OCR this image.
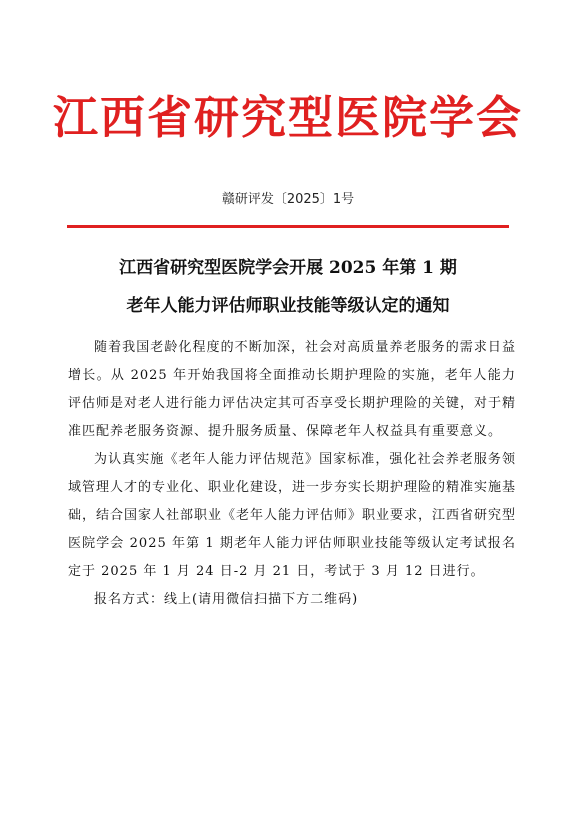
江西省研究型医院学会
赣研评发〔2025〕1号
江西省研究型医院学会开展 2025 年第 1 期
老年人能力评估师职业技能等级认定的通知

随着我国老龄化程度的不断加深，社会对高质量养老服务的需求日益增长。从 2025 年开始我国将全面推动长期护理险的实施，老年人能力评估师是对老人进行能力评估决定其可否享受长期护理险的关键，对于精准匹配养老服务资源、提升服务质量、保障老年人权益具有重要意义。

为认真实施《老年人能力评估规范》国家标准，强化社会养老服务领域管理人才的专业化、职业化建设，进一步夯实长期护理险的精准实施基础，结合国家人社部职业《老年人能力评估师》职业要求，江西省研究型医院学会 2025 年第 1 期老年人能力评估师职业技能等级认定考试报名定于 2025 年 1 月 24 日-2 月 21 日，考试于 3 月 12 日进行。

报名方式：线上(请用微信扫描下方二维码)
